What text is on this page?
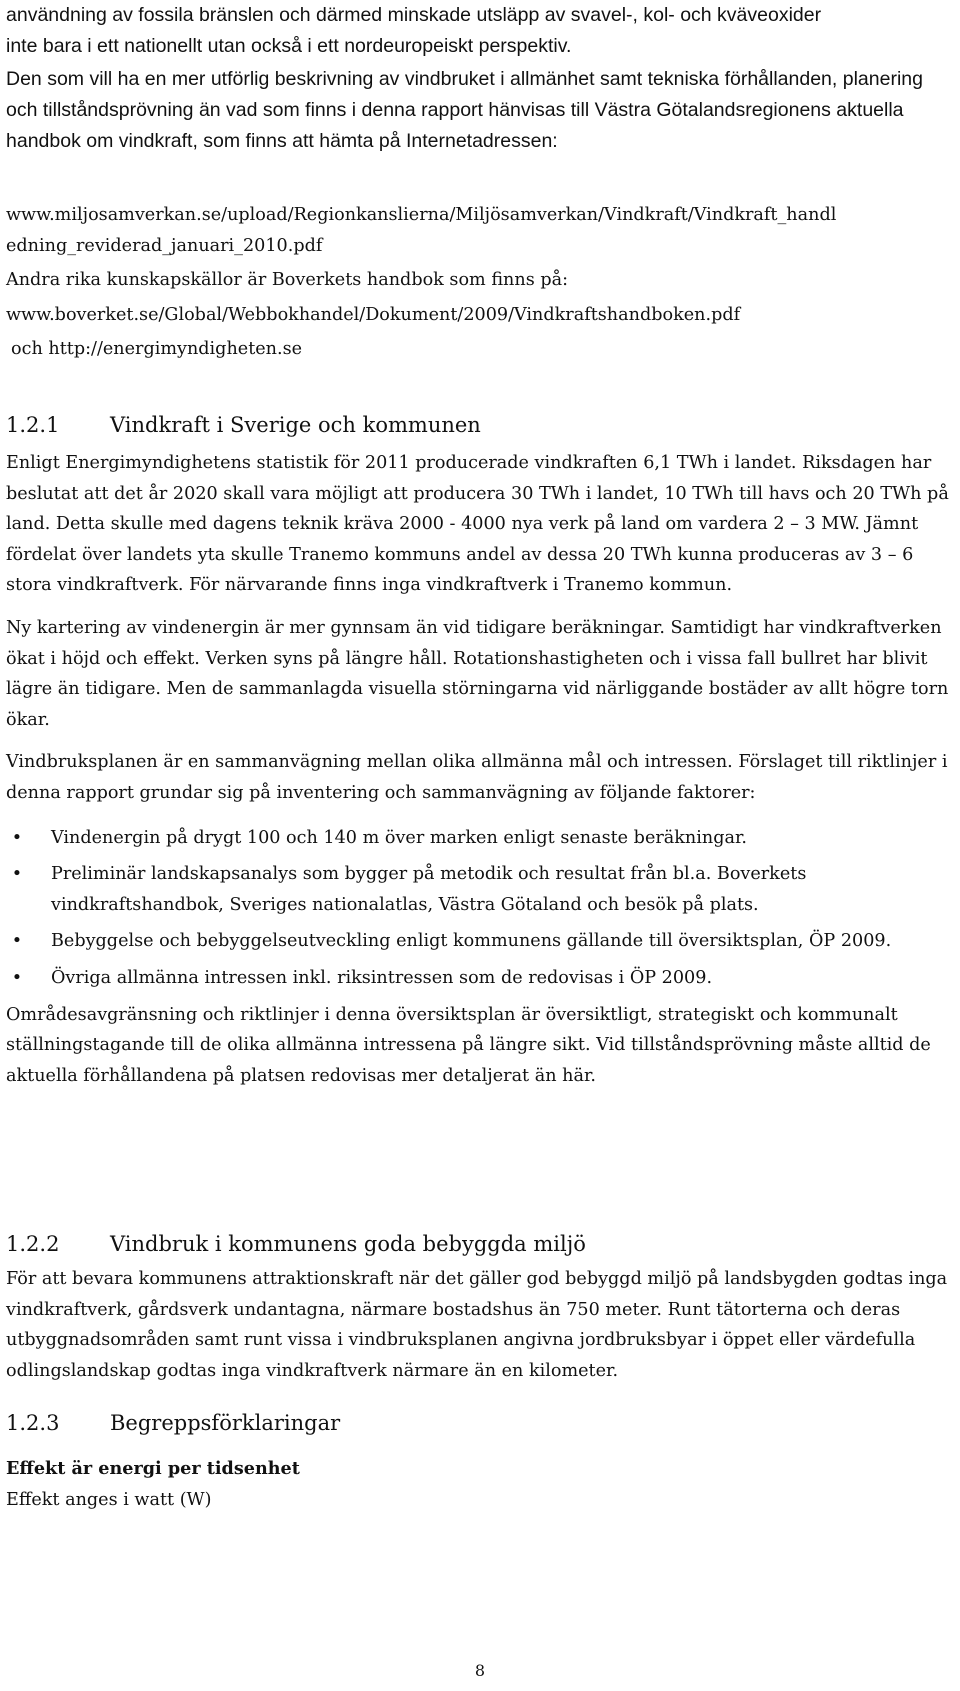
användning av fossila bränslen och därmed minskade utsläpp av svavel-, kol- och kväveoxider

inte bara i ett nationellt utan också i ett nordeuropeiskt perspektiv.

Den som vill ha en mer utförlig beskrivning av vindbruket i allmänhet samt tekniska förhållanden, planering och tillståndsprövning än vad som finns i denna rapport hänvisas till Västra Götalandsregionens aktuella handbok om vindkraft, som finns att hämta på Internetadressen:

www.miljosamverkan.se/upload/Regionkanslierna/Miljösamverkan/Vindkraft/Vindkraft_handl

edning_reviderad_januari_2010.pdf

Andra rika kunskapskällor är Boverkets handbok som finns på:

www.boverket.se/Global/Webbokhandel/Dokument/2009/Vindkraftshandboken.pdf

och http://energimyndigheten.se

1.2.1 Vindkraft i Sverige och kommunen

Enligt Energimyndighetens statistik för 2011 producerade vindkraften 6,1 TWh i landet. Riksdagen har beslutat att det år 2020 skall vara möjligt att producera 30 TWh i landet, 10 TWh till havs och 20 TWh på land. Detta skulle med dagens teknik kräva 2000 - 4000 nya verk på land om vardera 2 – 3 MW. Jämnt fördelat över landets yta skulle Tranemo kommuns andel av dessa 20 TWh kunna produceras av 3 – 6 stora vindkraftverk. För närvarande finns inga vindkraftverk i Tranemo kommun.

Ny kartering av vindenergin är mer gynnsam än vid tidigare beräkningar. Samtidigt har vindkraftverken ökat i höjd och effekt. Verken syns på längre håll. Rotationshastigheten och i vissa fall bullret har blivit lägre än tidigare. Men de sammanlagda visuella störningarna vid närliggande bostäder av allt högre torn ökar.

Vindbruksplanen är en sammanvägning mellan olika allmänna mål och intressen. Förslaget till riktlinjer i denna rapport grundar sig på inventering och sammanvägning av följande faktorer:

• Vindenergin på drygt 100 och 140 m över marken enligt senaste beräkningar.
• Preliminär landskapsanalys som bygger på metodik och resultat från bl.a. Boverkets vindkraftshandbok, Sveriges nationalatlas, Västra Götaland och besök på plats.
• Bebyggelse och bebyggelseutveckling enligt kommunens gällande till översiktsplan, ÖP 2009.
• Övriga allmänna intressen inkl. riksintressen som de redovisas i ÖP 2009.

Områdesavgränsning och riktlinjer i denna översiktsplan är översiktligt, strategiskt och kommunalt ställningstagande till de olika allmänna intressena på längre sikt. Vid tillståndsprövning måste alltid de aktuella förhållandena på platsen redovisas mer detaljerat än här.

1.2.2 Vindbruk i kommunens goda bebyggda miljö

För att bevara kommunens attraktionskraft när det gäller god bebyggd miljö på landsbygden godtas inga vindkraftverk, gårdsverk undantagna, närmare bostadshus än 750 meter. Runt tätorterna och deras utbyggnadsområden samt runt vissa i vindbruksplanen angivna jordbruksbyar i öppet eller värdefulla odlingslandskap godtas inga vindkraftverk närmare än en kilometer.

1.2.3 Begreppsförklaringar

Effekt är energi per tidsenhet

Effekt anges i watt (W)

8
